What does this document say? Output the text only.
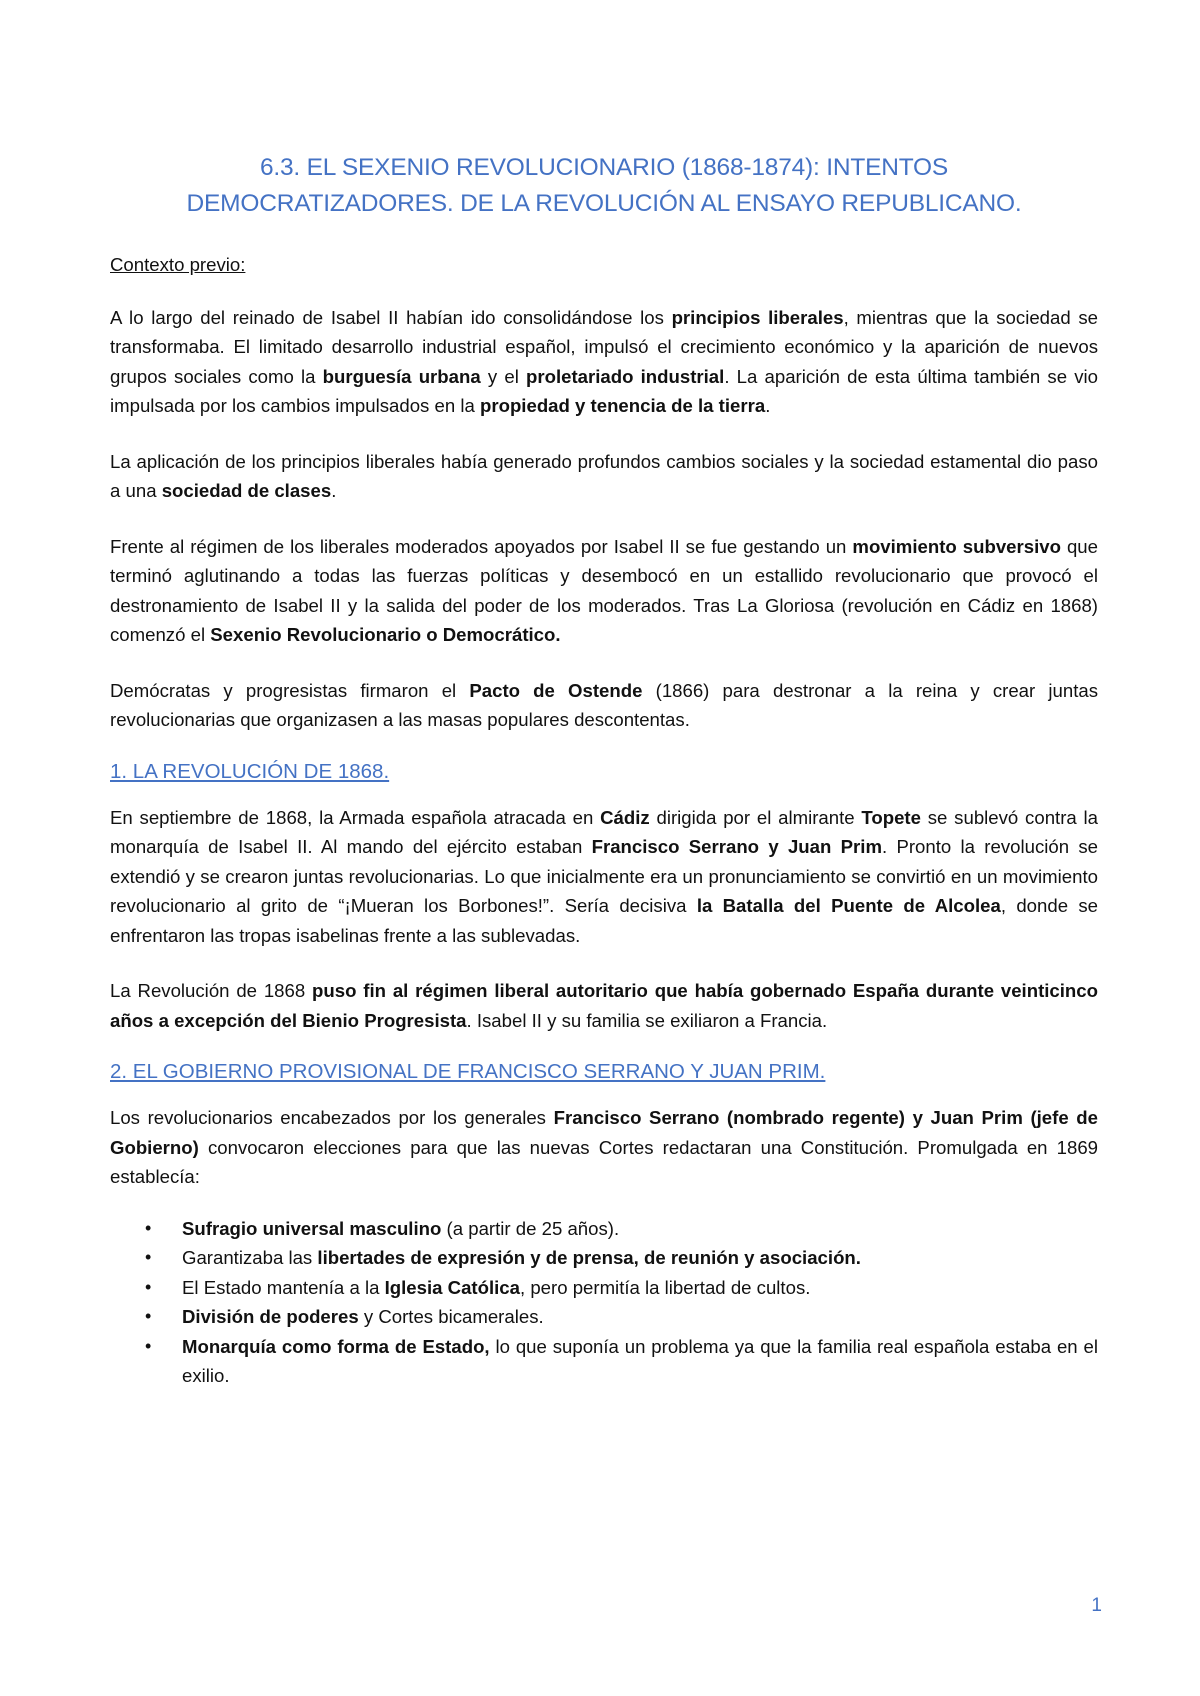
6.3. EL SEXENIO REVOLUCIONARIO (1868-1874): INTENTOS
DEMOCRATIZADORES. DE LA REVOLUCIÓN AL ENSAYO REPUBLICANO.
Contexto previo:

A lo largo del reinado de Isabel II habían ido consolidándose los principios liberales, mientras que la sociedad se transformaba. El limitado desarrollo industrial español, impulsó el crecimiento económico y la aparición de nuevos grupos sociales como la burguesía urbana y el proletariado industrial. La aparición de esta última también se vio impulsada por los cambios impulsados en la propiedad y tenencia de la tierra.

La aplicación de los principios liberales había generado profundos cambios sociales y la sociedad estamental dio paso a una sociedad de clases.

Frente al régimen de los liberales moderados apoyados por Isabel II se fue gestando un movimiento subversivo que terminó aglutinando a todas las fuerzas políticas y desembocó en un estallido revolucionario que provocó el destronamiento de Isabel II y la salida del poder de los moderados. Tras La Gloriosa (revolución en Cádiz en 1868) comenzó el Sexenio Revolucionario o Democrático.

Demócratas y progresistas firmaron el Pacto de Ostende (1866) para destronar a la reina y crear juntas revolucionarias que organizasen a las masas populares descontentas.

1. LA REVOLUCIÓN DE 1868.

En septiembre de 1868, la Armada española atracada en Cádiz dirigida por el almirante Topete se sublevó contra la monarquía de Isabel II. Al mando del ejército estaban Francisco Serrano y Juan Prim. Pronto la revolución se extendió y se crearon juntas revolucionarias. Lo que inicialmente era un pronunciamiento se convirtió en un movimiento revolucionario al grito de “¡Mueran los Borbones!”. Sería decisiva la Batalla del Puente de Alcolea, donde se enfrentaron las tropas isabelinas frente a las sublevadas.

La Revolución de 1868 puso fin al régimen liberal autoritario que había gobernado España durante veinticinco años a excepción del Bienio Progresista. Isabel II y su familia se exiliaron a Francia.

2. EL GOBIERNO PROVISIONAL DE FRANCISCO SERRANO Y JUAN PRIM.

Los revolucionarios encabezados por los generales Francisco Serrano (nombrado regente) y Juan Prim (jefe de Gobierno) convocaron elecciones para que las nuevas Cortes redactaran una Constitución. Promulgada en 1869 establecía:

• Sufragio universal masculino (a partir de 25 años).
• Garantizaba las libertades de expresión y de prensa, de reunión y asociación.
• El Estado mantenía a la Iglesia Católica, pero permitía la libertad de cultos.
• División de poderes y Cortes bicamerales.
• Monarquía como forma de Estado, lo que suponía un problema ya que la familia real española estaba en el exilio.
1
